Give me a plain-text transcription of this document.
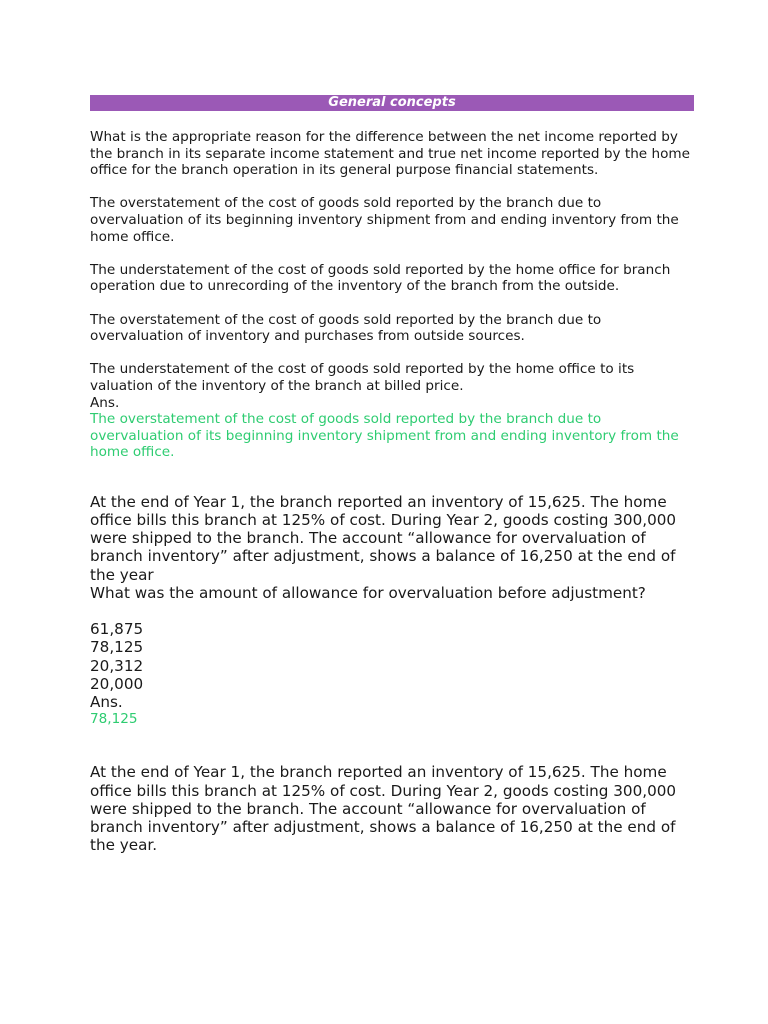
General concepts

What is the appropriate reason for the difference between the net income reported by the branch in its separate income statement and true net income reported by the home office for the branch operation in its general purpose financial statements.

The overstatement of the cost of goods sold reported by the branch due to overvaluation of its beginning inventory shipment from and ending inventory from the home office.

The understatement of the cost of goods sold reported by the home office for branch operation due to unrecording of the inventory of the branch from the outside.

The overstatement of the cost of goods sold reported by the branch due to overvaluation of inventory and purchases from outside sources.

The understatement of the cost of goods sold reported by the home office to its valuation of the inventory of the branch at billed price.

Ans.

The overstatement of the cost of goods sold reported by the branch due to overvaluation of its beginning inventory shipment from and ending inventory from the home office.

At the end of Year 1, the branch reported an inventory of 15,625. The home office bills this branch at 125% of cost. During Year 2, goods costing 300,000 were shipped to the branch. The account “allowance for overvaluation of branch inventory” after adjustment, shows a balance of 16,250 at the end of the year

What was the amount of allowance for overvaluation before adjustment?

61,875

78,125

20,312

20,000

Ans.

78,125

At the end of Year 1, the branch reported an inventory of 15,625. The home office bills this branch at 125% of cost. During Year 2, goods costing 300,000 were shipped to the branch. The account “allowance for overvaluation of branch inventory” after adjustment, shows a balance of 16,250 at the end of the year.
